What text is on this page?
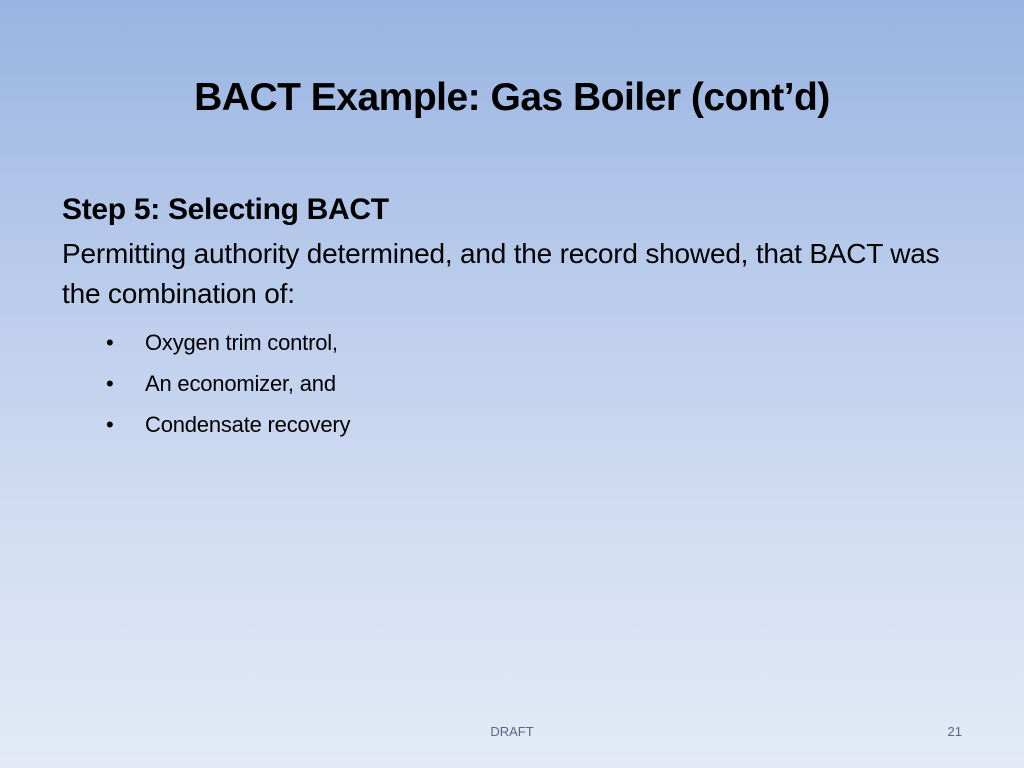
BACT Example: Gas Boiler (cont’d)
Step 5: Selecting BACT

Permitting authority determined, and the record showed, that BACT was the combination of:

• Oxygen trim control,
• An economizer, and
• Condensate recovery
DRAFT	21
